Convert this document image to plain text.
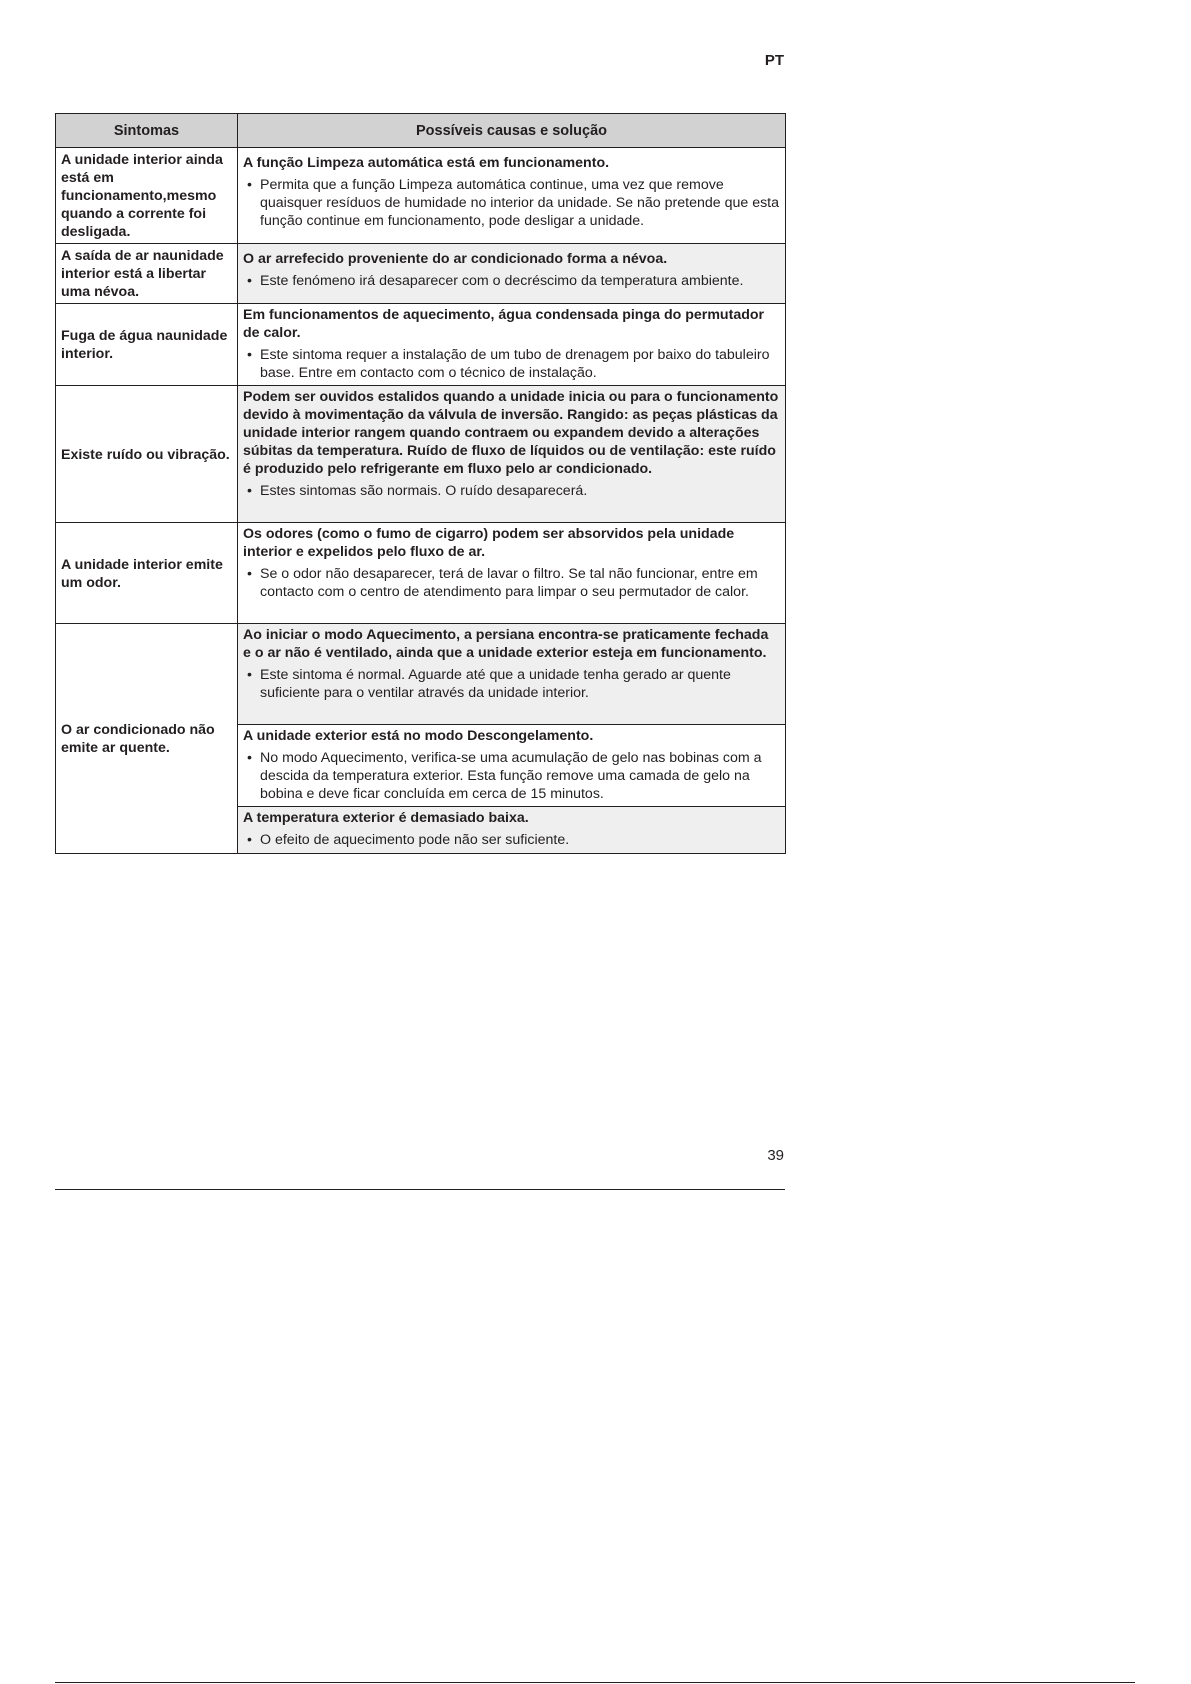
PT
Sintomas	Possíveis causas e solução
A unidade interior ainda está em funcionamento,mesmo quando a corrente foi desligada.	A função Limpeza automática está em funcionamento.
• Permita que a função Limpeza automática continue, uma vez que remove quaisquer resíduos de humidade no interior da unidade. Se não pretende que esta função continue em funcionamento, pode desligar a unidade.

A saída de ar naunidade interior está a libertar uma névoa.	O ar arrefecido proveniente do ar condicionado forma a névoa.
• Este fenómeno irá desaparecer com o decréscimo da temperatura ambiente.

Fuga de água naunidade interior.	Em funcionamentos de aquecimento, água condensada pinga do permutador de calor.
• Este sintoma requer a instalação de um tubo de drenagem por baixo do tabuleiro base. Entre em contacto com o técnico de instalação.

Existe ruído ou vibração.	Podem ser ouvidos estalidos quando a unidade inicia ou para o funcionamento devido à movimentação da válvula de inversão. Rangido: as peças plásticas da unidade interior rangem quando contraem ou expandem devido a alterações súbitas da temperatura. Ruído de fluxo de líquidos ou de ventilação: este ruído é produzido pelo refrigerante em fluxo pelo ar condicionado.
• Estes sintomas são normais. O ruído desaparecerá.

A unidade interior emite um odor.	Os odores (como o fumo de cigarro) podem ser absorvidos pela unidade interior e expelidos pelo fluxo de ar.
• Se o odor não desaparecer, terá de lavar o filtro. Se tal não funcionar, entre em contacto com o centro de atendimento para limpar o seu permutador de calor.

O ar condicionado não emite ar quente.	Ao iniciar o modo Aquecimento, a persiana encontra-se praticamente fechada e o ar não é ventilado, ainda que a unidade exterior esteja em funcionamento.
• Este sintoma é normal. Aguarde até que a unidade tenha gerado ar quente suficiente para o ventilar através da unidade interior.

	A unidade exterior está no modo Descongelamento.
• No modo Aquecimento, verifica-se uma acumulação de gelo nas bobinas com a descida da temperatura exterior. Esta função remove uma camada de gelo na bobina e deve ficar concluída em cerca de 15 minutos.

	A temperatura exterior é demasiado baixa.
• O efeito de aquecimento pode não ser suficiente.
39
